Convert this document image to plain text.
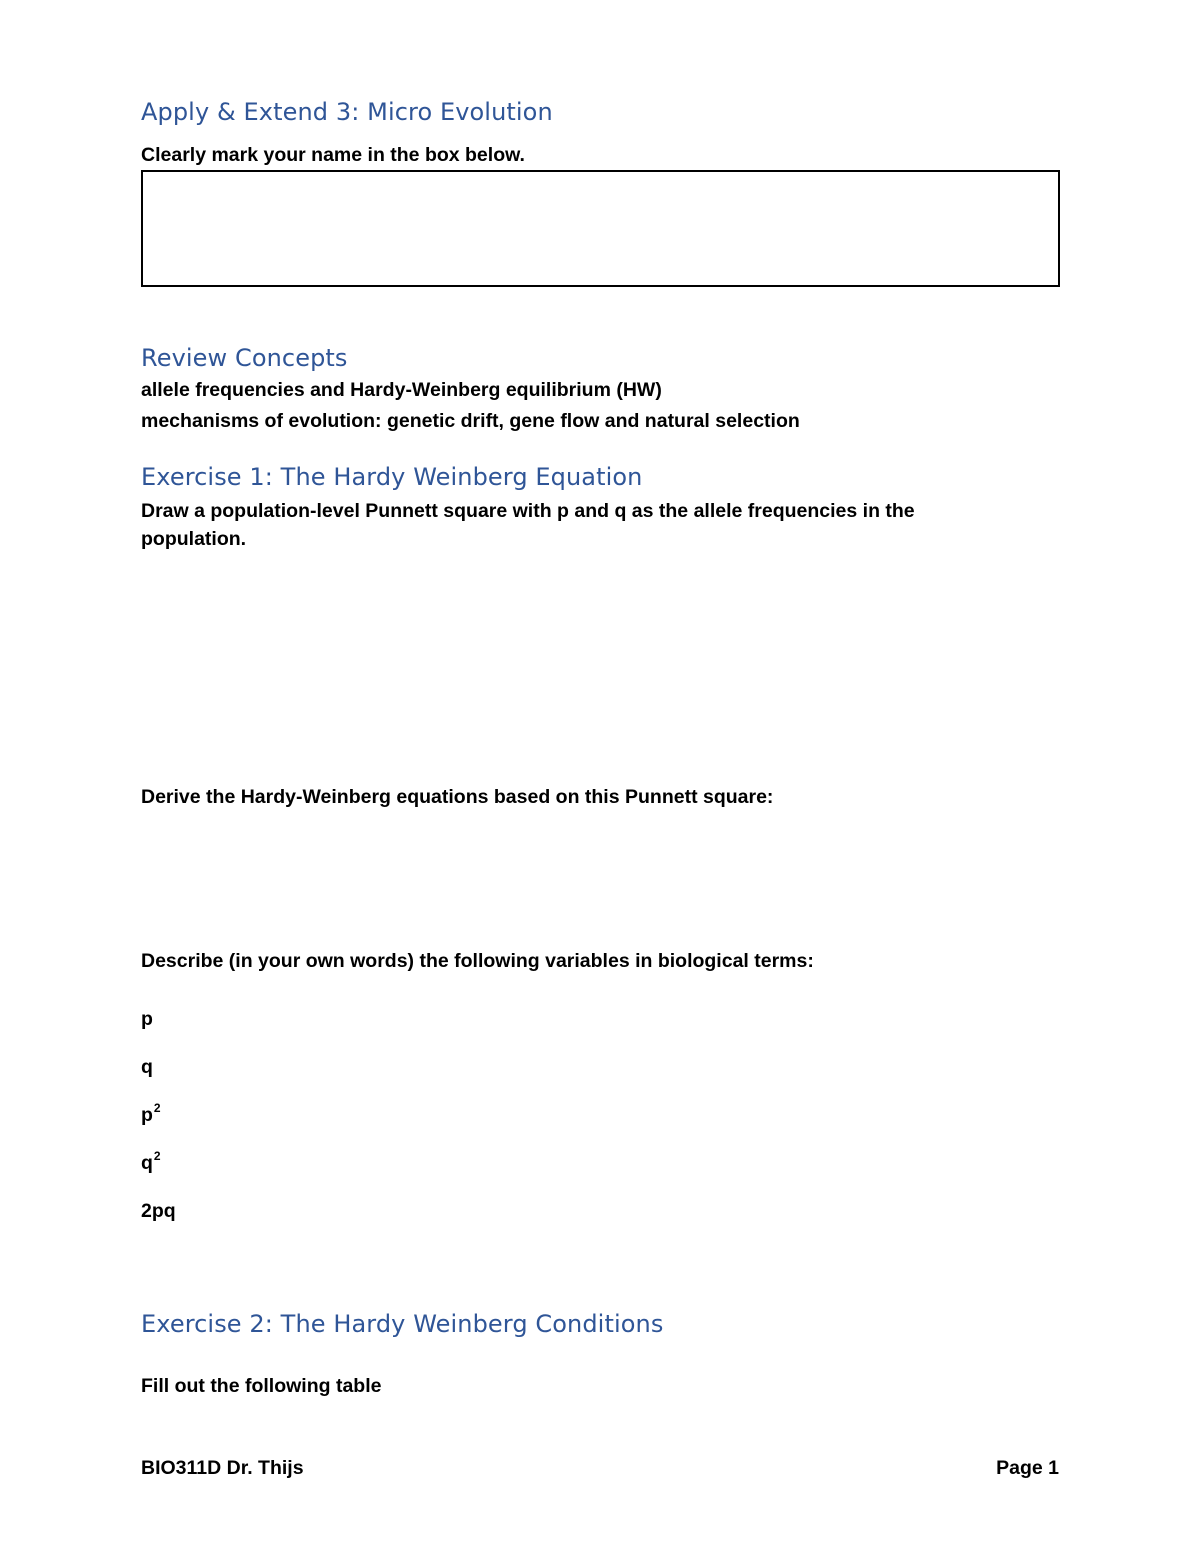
Apply & Extend 3: Micro Evolution
Clearly mark your name in the box below.
Review Concepts
allele frequencies and Hardy-Weinberg equilibrium (HW)
mechanisms of evolution: genetic drift, gene flow and natural selection
Exercise 1: The Hardy Weinberg Equation
Draw a population-level Punnett square with p and q as the allele frequencies in the
population.
Derive the Hardy-Weinberg equations based on this Punnett square:
Describe (in your own words) the following variables in biological terms:
p
q
$p^2$
$q^2$
2pq
Exercise 2: The Hardy Weinberg Conditions
Fill out the following table
BIO311D Dr. Thijs	Page 1
